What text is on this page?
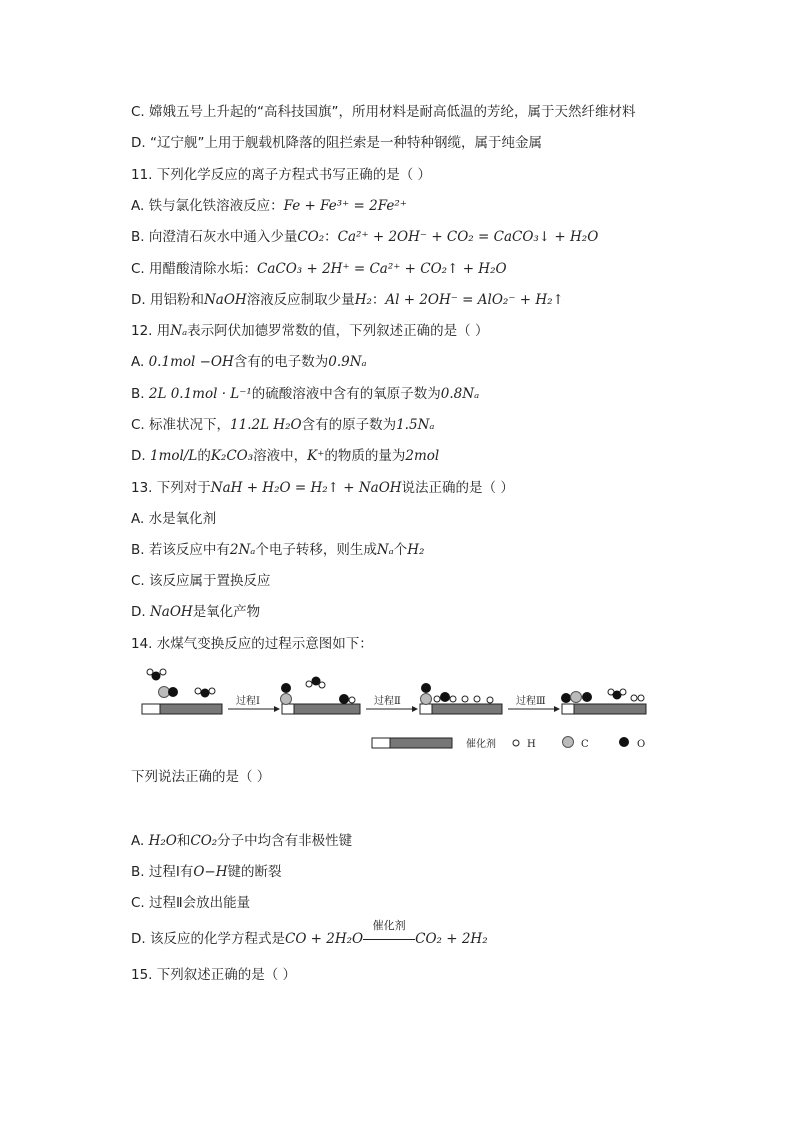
C. 嫦娥五号上升起的“高科技国旗”，所用材料是耐高低温的芳纶，属于天然纤维材料
D. “辽宁舰”上用于舰载机降落的阻拦索是一种特种钢缆，属于纯金属
11. 下列化学反应的离子方程式书写正确的是（ ）
A. 铁与氯化铁溶液反应：Fe + Fe³⁺ = 2Fe²⁺
B. 向澄清石灰水中通入少量CO₂：Ca²⁺ + 2OH⁻ + CO₂ = CaCO₃↓ + H₂O
C. 用醋酸清除水垢：CaCO₃ + 2H⁺ = Ca²⁺ + CO₂↑ + H₂O
D. 用铝粉和NaOH溶液反应制取少量H₂：Al + 2OH⁻ = AlO₂⁻ + H₂↑
12. 用Nₐ表示阿伏加德罗常数的值，下列叙述正确的是（ ）
A. 0.1mol −OH含有的电子数为0.9Nₐ
B. 2L 0.1mol · L⁻¹的硫酸溶液中含有的氧原子数为0.8Nₐ
C. 标准状况下，11.2L H₂O含有的原子数为1.5Nₐ
D. 1mol/L的K₂CO₃溶液中，K⁺的物质的量为2mol
13. 下列对于NaH + H₂O = H₂↑ + NaOH说法正确的是（ ）
A. 水是氧化剂
B. 若该反应中有2Nₐ个电子转移，则生成Nₐ个H₂
C. 该反应属于置换反应
D. NaOH是氧化产物
14. 水煤气变换反应的过程示意图如下：
过程Ⅰ	过程Ⅱ	过程Ⅲ
催化剂	H	C	O
下列说法正确的是（ ）
A. H₂O和CO₂分子中均含有非极性键
B. 过程Ⅰ有O−H键的断裂
C. 过程Ⅱ会放出能量
D. 该反应的化学方程式是CO + 2H₂O
催化剂
CO₂ + 2H₂
15. 下列叙述正确的是（ ）
